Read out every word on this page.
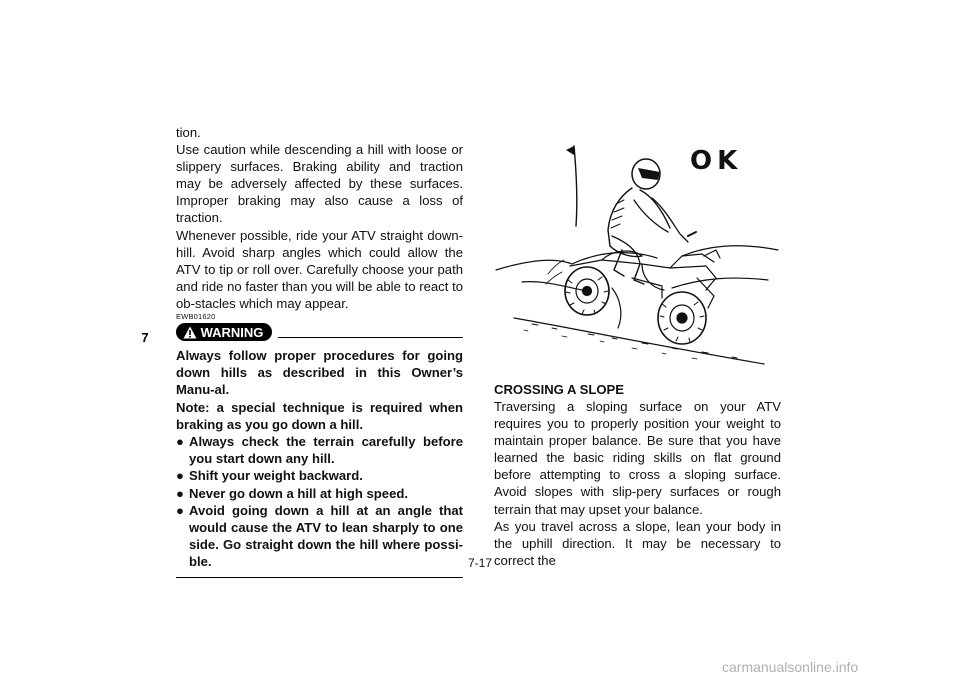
7

tion.

Use caution while descending a hill with loose or slippery surfaces. Braking ability and traction may be adversely affected by these surfaces. Improper braking may also cause a loss of traction.

Whenever possible, ride your ATV straight down-hill. Avoid sharp angles which could allow the ATV to tip or roll over. Carefully choose your path and ride no faster than you will be able to react to ob-stacles which may appear.

EWB01620
WARNING

Always follow proper procedures for going down hills as described in this Owner’s Manu-al.

Note: a special technique is required when braking as you go down a hill.

● Always check the terrain carefully before you start down any hill.
● Shift your weight backward.
● Never go down a hill at high speed.
● Avoid going down a hill at an angle that would cause the ATV to lean sharply to one side. Go straight down the hill where possi-ble.
OK

CROSSING A SLOPE

Traversing a sloping surface on your ATV requires you to properly position your weight to maintain proper balance. Be sure that you have learned the basic riding skills on flat ground before attempting to cross a sloping surface. Avoid slopes with slip-pery surfaces or rough terrain that may upset your balance.

As you travel across a slope, lean your body in the uphill direction. It may be necessary to correct the

7-17
carmanualsonline.info
